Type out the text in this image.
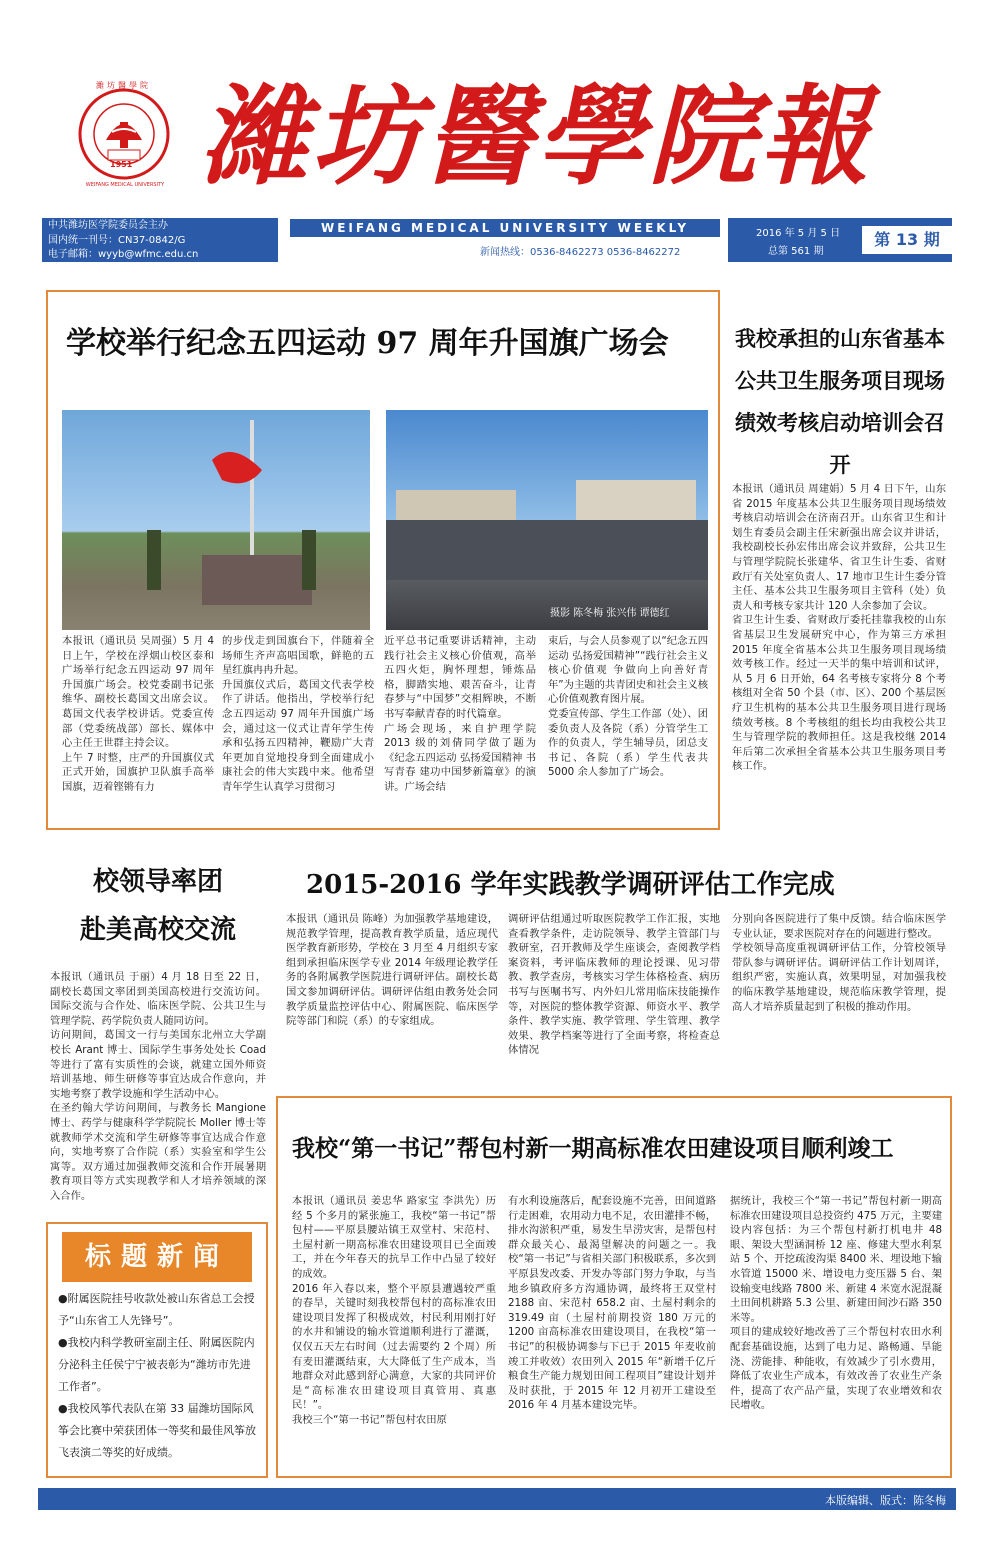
1951
WEIFANG MEDICAL UNIVERSITY
濰坊醫學院 濰坊醫學院報
中共潍坊医学院委员会主办
国内统一刊号：CN37-0842/G
电子邮箱：wyyb@wfmc.edu.cn
WEIFANG MEDICAL UNIVERSITY WEEKLY
新闻热线：0536-8462273 0536-8462272
2016 年 5 月 5 日
总第 561 期
第 13 期
学校举行纪念五四运动 97 周年升国旗广场会
摄影 陈冬梅 张兴伟 谭德红
本报讯（通讯员 吴周强）5 月 4 日上午，学校在浮烟山校区泰和广场举行纪念五四运动 97 周年升国旗广场会。校党委副书记张维华、副校长葛国文出席会议。葛国文代表学校讲话。党委宣传部（党委统战部）部长、媒体中心主任王世群主持会议。
上午 7 时整，庄严的升国旗仪式正式开始，国旗护卫队旗手高举国旗，迈着铿锵有力
的步伐走到国旗台下，伴随着全场师生齐声高唱国歌，鲜艳的五星红旗冉冉升起。
升国旗仪式后，葛国文代表学校作了讲话。他指出，学校举行纪念五四运动 97 周年升国旗广场会，通过这一仪式让青年学生传承和弘扬五四精神，鞭励广大青年更加自觉地投身到全面建成小康社会的伟大实践中来。他希望青年学生认真学习贯彻习
近平总书记重要讲话精神，主动践行社会主义核心价值观，高举五四火炬，胸怀理想，锤炼品格，脚踏实地、艰苦奋斗，让青春梦与“中国梦”交相辉映，不断书写奉献青春的时代篇章。
广场会现场，来自护理学院 2013 级的刘倩同学做了题为《纪念五四运动 弘扬爱国精神 书写青春 建功中国梦新篇章》的演讲。广场会结
束后，与会人员参观了以“纪念五四运动 弘扬爱国精神”“践行社会主义核心价值观 争做向上向善好青年”为主题的共青团史和社会主义核心价值观教育图片展。
党委宣传部、学生工作部（处）、团委负责人及各院（系）分管学生工作的负责人，学生辅导员，团总支书记、各院（系）学生代表共 5000 余人参加了广场会。
我校承担的山东省基本
公共卫生服务项目现场
绩效考核启动培训会召开
本报讯（通讯员 周建娟）5 月 4 日下午，山东省 2015 年度基本公共卫生服务项目现场绩效考核启动培训会在济南召开。山东省卫生和计划生育委员会副主任宋新强出席会议并讲话，我校副校长孙宏伟出席会议并致辞，公共卫生与管理学院院长张建华、省卫生计生委、省财政厅有关处室负责人、17 地市卫生计生委分管主任、基本公共卫生服务项目主管科（处）负责人和考核专家共计 120 人余参加了会议。
省卫生计生委、省财政厅委托挂靠我校的山东省基层卫生发展研究中心，作为第三方承担 2015 年度全省基本公共卫生服务项目现场绩效考核工作。经过一天半的集中培训和试评，从 5 月 6 日开始，64 名考核专家将分 8 个考核组对全省 50 个县（市、区）、200 个基层医疗卫生机构的基本公共卫生服务项目进行现场绩效考核。8 个考核组的组长均由我校公共卫生与管理学院的教师担任。这是我校继 2014 年后第二次承担全省基本公共卫生服务项目考核工作。
校领导率团
赴美高校交流
本报讯（通讯员 于丽）4 月 18 日至 22 日，副校长葛国文率团到美国高校进行交流访问。国际交流与合作处、临床医学院、公共卫生与管理学院、药学院负责人随同访问。
访问期间，葛国文一行与美国东北州立大学副校长 Arant 博士、国际学生事务处处长 Coad 等进行了富有实质性的会谈，就建立国外师资培训基地、师生研修等事宜达成合作意向，并实地考察了教学设施和学生活动中心。
在圣约翰大学访问期间，与教务长 Mangione 博士、药学与健康科学学院院长 Moller 博士等就教师学术交流和学生研修等事宜达成合作意向，实地考察了合作院（系）实验室和学生公寓等。双方通过加强教师交流和合作开展暑期教育项目等方式实现教学和人才培养领域的深入合作。
2015-2016 学年实践教学调研评估工作完成
本报讯（通讯员 陈峰）为加强教学基地建设，规范教学管理，提高教育教学质量，适应现代医学教育新形势，学校在 3 月至 4 月组织专家组到承担临床医学专业 2014 年级理论教学任务的各附属教学医院进行调研评估。副校长葛国文参加调研评估。调研评估组由教务处会同教学质量监控评估中心、附属医院、临床医学院等部门和院（系）的专家组成。
调研评估组通过听取医院教学工作汇报，实地查看教学条件，走访院领导、教学主管部门与教研室，召开教师及学生座谈会，查阅教学档案资料，考评临床教师的理论授课、见习带教、教学查房，考核实习学生体格检查、病历书写与医嘱书写、内外妇儿常用临床技能操作等，对医院的整体教学资源、师资水平、教学条件、教学实施、教学管理、学生管理、教学效果、教学档案等进行了全面考察，将检查总体情况
分别向各医院进行了集中反馈。结合临床医学专业认证，要求医院对存在的问题进行整改。
学校领导高度重视调研评估工作，分管校领导带队参与调研评估。调研评估工作计划周详，组织严密，实施认真，效果明显，对加强我校的临床教学基地建设，规范临床教学管理，提高人才培养质量起到了积极的推动作用。
标题新闻
●附属医院挂号收款处被山东省总工会授予“山东省工人先锋号”。
●我校内科学教研室副主任、附属医院内分泌科主任侯宁宁被表彰为“潍坊市先进工作者”。
●我校风筝代表队在第 33 届潍坊国际风筝会比赛中荣获团体一等奖和最佳风筝放飞表演二等奖的好成绩。
我校“第一书记”帮包村新一期高标准农田建设项目顺利竣工
本报讯（通讯员 姜忠华 路家宝 李洪先）历经 5 个多月的紧张施工，我校“第一书记”帮包村——平原县腰站镇王双堂村、宋范村、土屋村新一期高标准农田建设项目已全面竣工，并在今年春天的抗旱工作中凸显了较好的成效。
2016 年入春以来，整个平原县遭遇较严重的春旱，关键时刻我校帮包村的高标准农田建设项目发挥了积极成效，村民利用刚打好的水井和铺设的输水管道顺利进行了灌溉，仅仅五天左右时间（过去需要约 2 个周）所有麦田灌溉结束，大大降低了生产成本，当地群众对此感到舒心满意，大家的共同评价是“高标准农田建设项目真管用、真惠民！”。
我校三个“第一书记”帮包村农田原
有水利设施落后，配套设施不完善，田间道路行走困难，农用动力电不足，农田灌排不畅，排水沟淤积严重，易发生旱涝灾害，是帮包村群众最关心、最渴望解决的问题之一。我校“第一书记”与省相关部门积极联系，多次到平原县发改委、开发办等部门努力争取，与当地乡镇政府多方沟通协调，最终将王双堂村 2188 亩、宋范村 658.2 亩、土屋村剩余的 319.49 亩（土屋村前期投资 180 万元的 1200 亩高标准农田建设项目，在我校“第一书记”的积极协调参与下已于 2015 年麦收前竣工并收效）农田列入 2015 年“新增千亿斤粮食生产能力规划田间工程项目”建设计划并及时获批，于 2015 年 12 月初开工建设至 2016 年 4 月基本建设完毕。
据统计，我校三个“第一书记”帮包村新一期高标准农田建设项目总投资约 475 万元，主要建设内容包括：为三个帮包村新打机电井 48 眼、架设大型涵洞桥 12 座、修建大型水利泵站 5 个、开挖疏浚沟渠 8400 米、埋设地下输水管道 15000 米、增设电力变压器 5 台、架设输变电线路 7800 米、新建 4 米宽水泥混凝土田间机耕路 5.3 公里、新建田间沙石路 350 米等。
项目的建成较好地改善了三个帮包村农田水利配套基础设施，达到了电力足、路畅通、旱能浇、涝能排、种能收，有效减少了引水费用，降低了农业生产成本，有效改善了农业生产条件，提高了农产品产量，实现了农业增效和农民增收。
本版编辑、版式：陈冬梅
